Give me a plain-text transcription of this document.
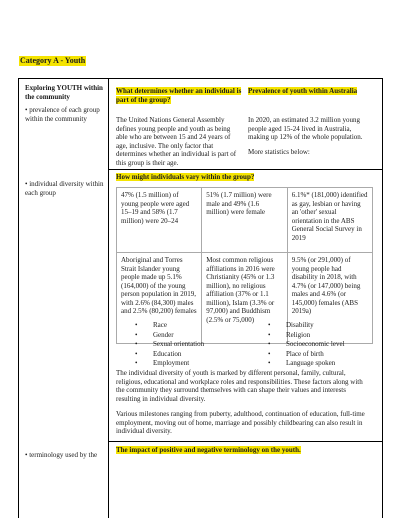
Category A - Youth
Exploring YOUTH within the community
• prevalence of each group within the community
• individual diversity within each group
• terminology used by the
What determines whether an individual is part of the group?
Prevalence of youth within Australia
The United Nations General Assembly defines young people and youth as being able who are between 15 and 24 years of age, inclusive. The only factor that determines whether an individual is part of this group is their age.
In 2020, an estimated 3.2 million young people aged 15-24 lived in Australia, making up 12% of the whole population.
More statistics below:
How might individuals vary within the group?
47% (1.5 million) of young people were aged 15–19 and 58% (1.7 million) were 20–24	51% (1.7 million) were male and 49% (1.6 million) were female	6.1%* (181,000) identified as gay, lesbian or having an 'other' sexual orientation in the ABS General Social Survey in 2019
Aboriginal and Torres Strait Islander young people made up 5.1% (164,000) of the young person population in 2019, with 2.6% (84,300) males and 2.5% (80,200) females	Most common religious affiliations in 2016 were Christianity (45% or 1.3 million), no religious affiliation (37% or 1.1 million), Islam (3.3% or 97,000) and Buddhism (2.5% or 75,000)	9.5% (or 291,000) of young people had disability in 2018, with 4.7% (or 147,000) being males and 4.6% (or 145,000) females (ABS 2019a)
• Race
• Gender
• Sexual orientation
• Education
• Employment
• Disability
• Religion
• Socioeconomic level
• Place of birth
• Language spoken
The individual diversity of youth is marked by different personal, family, cultural, religious, educational and workplace roles and responsibilities. These factors along with the community they surround themselves with can shape their values and interests resulting in individual diversity.
Various milestones ranging from puberty, adulthood, continuation of education, full-time employment, moving out of home, marriage and possibly childbearing can also result in individual diversity.
The impact of positive and negative terminology on the youth.
